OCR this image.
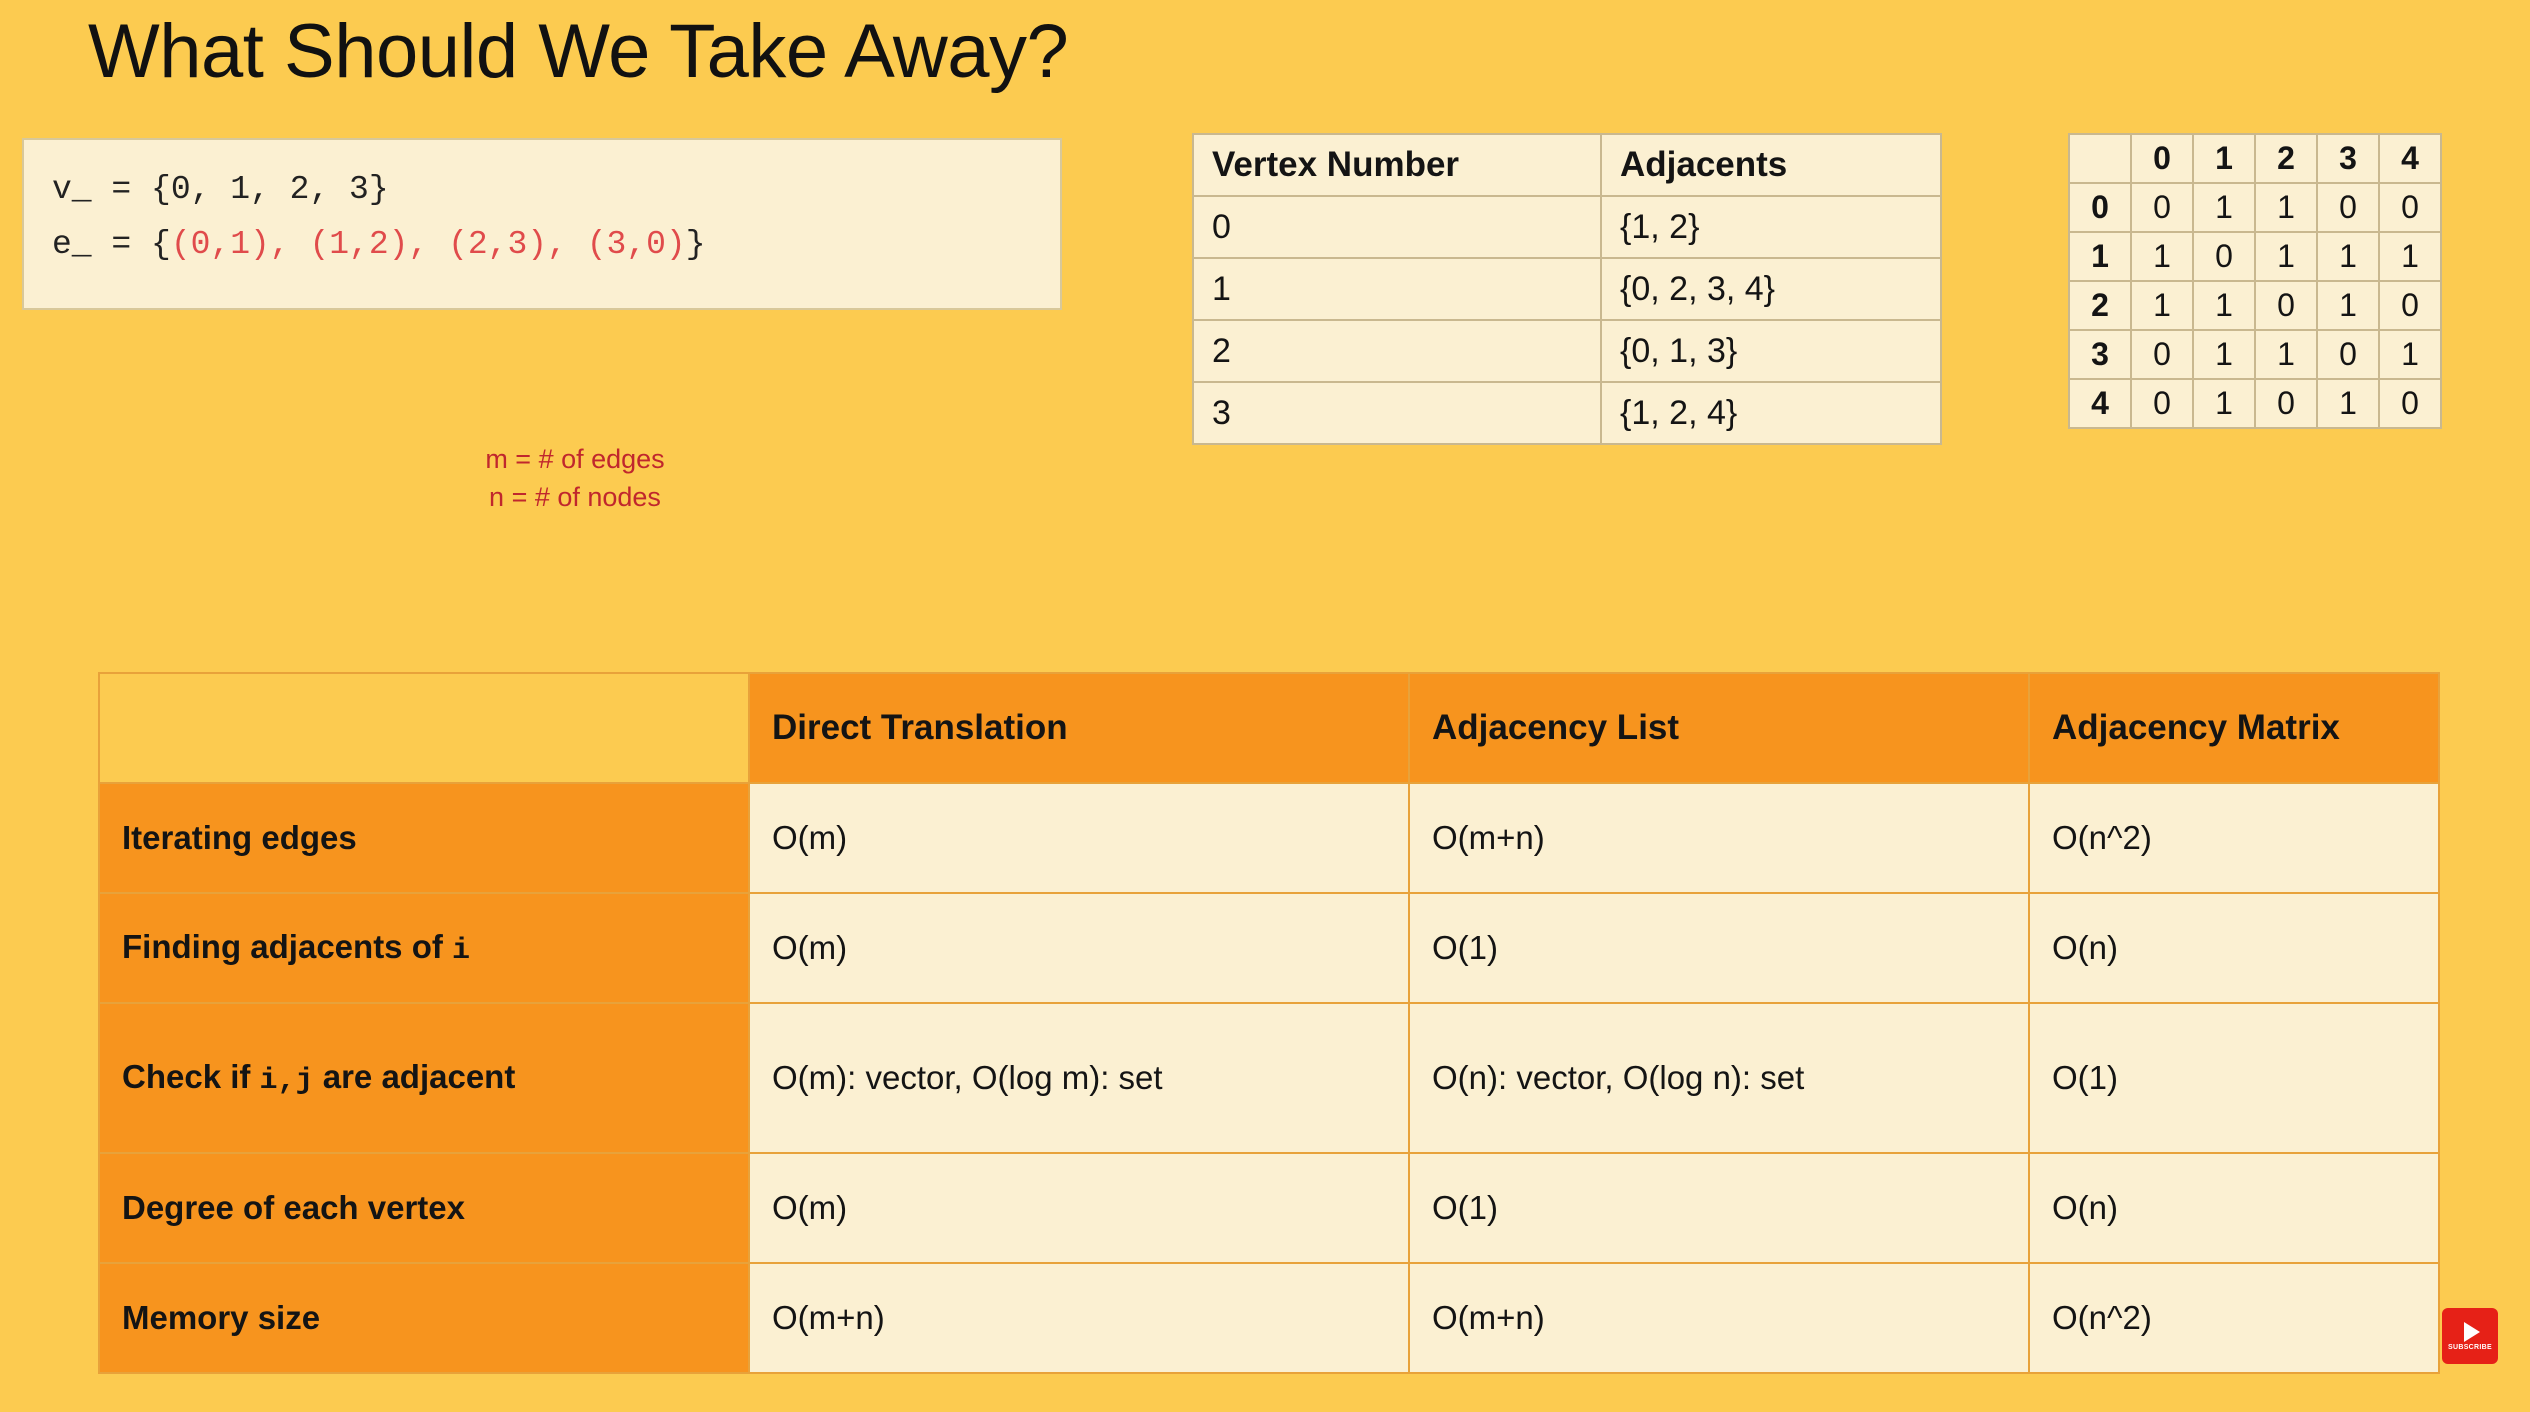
What Should We Take Away?
v_ = {0, 1, 2, 3}
e_ = {(0,1), (1,2), (2,3), (3,0)}
m = # of edges
n = # of nodes
Vertex Number	Adjacents
0	{1, 2}
1	{0, 2, 3, 4}
2	{0, 1, 3}
3	{1, 2, 4}
	0	1	2	3	4
0	0	1	1	0	0
1	1	0	1	1	1
2	1	1	0	1	0
3	0	1	1	0	1
4	0	1	0	1	0
	Direct Translation	Adjacency List	Adjacency Matrix
Iterating edges	O(m)	O(m+n)	O(n^2)
Finding adjacents of i	O(m)	O(1)	O(n)
Check if i,j are adjacent	O(m): vector, O(log m): set	O(n): vector, O(log n): set	O(1)
Degree of each vertex	O(m)	O(1)	O(n)
Memory size	O(m+n)	O(m+n)	O(n^2)
SUBSCRIBE
